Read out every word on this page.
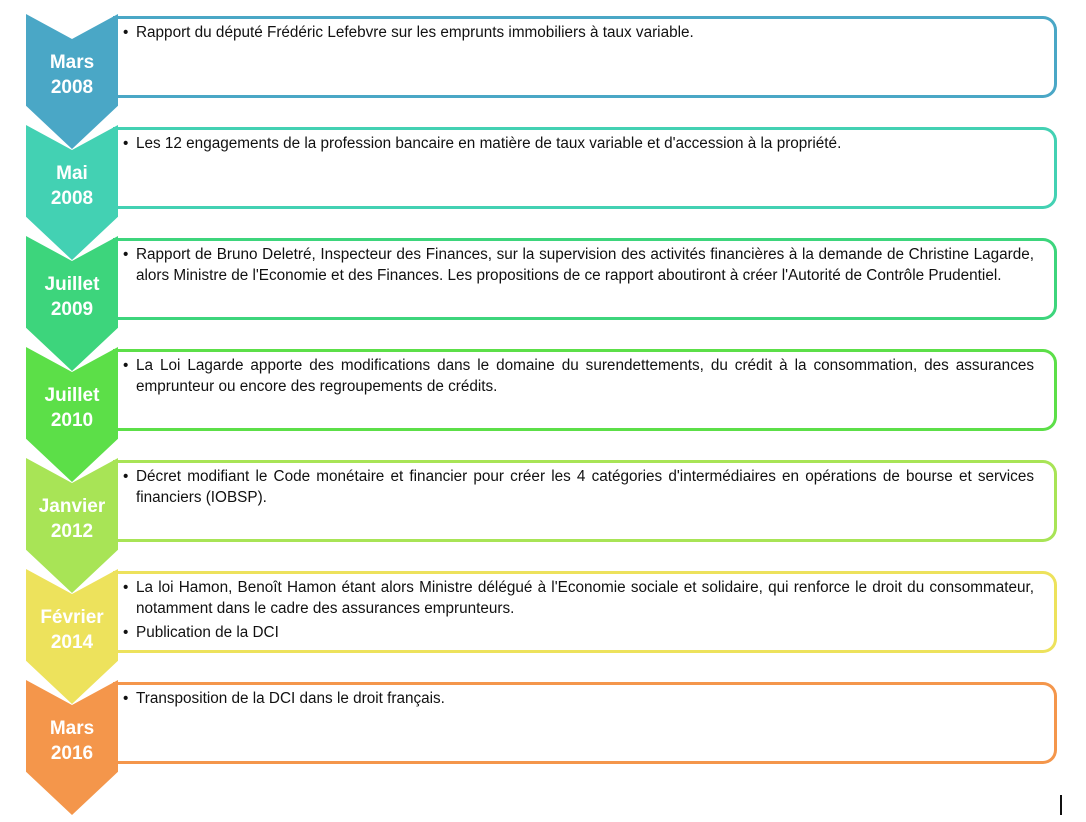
• Rapport du député Frédéric Lefebvre sur les emprunts immobiliers à taux variable.
Mars
2008
• Les 12 engagements de la profession bancaire en matière de taux variable et d'accession à la propriété.
Mai
2008
• Rapport de Bruno Deletré, Inspecteur des Finances, sur la supervision des activités financières à la demande de Christine Lagarde, alors Ministre de l'Economie et des Finances. Les propositions de ce rapport aboutiront à créer l'Autorité de Contrôle Prudentiel.
Juillet
2009
• La Loi Lagarde apporte des modifications dans le domaine du surendettements, du crédit à la consommation, des assurances emprunteur ou encore des regroupements de crédits.
Juillet
2010
• Décret modifiant le Code monétaire et financier pour créer les 4 catégories d'intermédiaires en opérations de bourse et services financiers (IOBSP).
Janvier
2012
• La loi Hamon, Benoît Hamon étant alors Ministre délégué à l'Economie sociale et solidaire, qui renforce le droit du consommateur, notamment dans le cadre des assurances emprunteurs.
• Publication de la DCI
Février
2014
• Transposition de la DCI dans le droit français.
Mars
2016
